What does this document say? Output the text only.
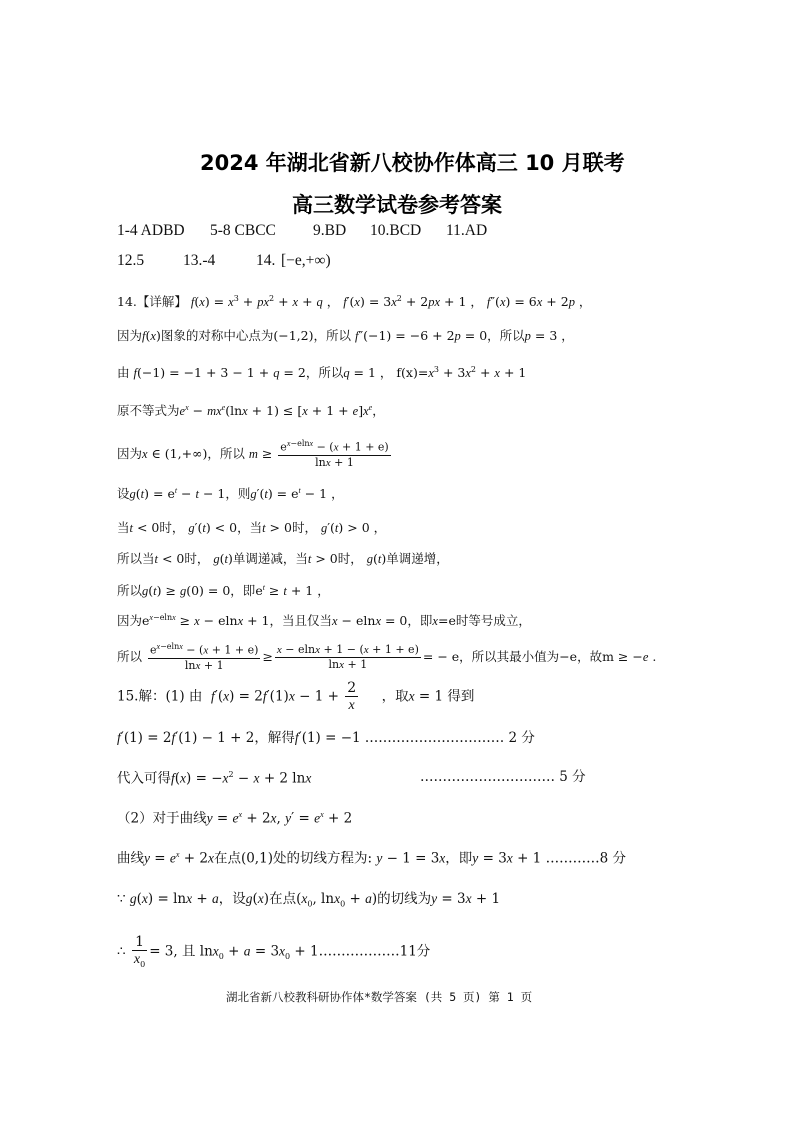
2024 年湖北省新八校协作体高三 10 月联考
高三数学试卷参考答案
1-4 ADBD 5-8 CBCC 9.BD 10.BCD 11.AD
12.5	13.-4	14. [−e,+∞)
14.【详解】 $f(x) = x^3 + px^2 + x + q$ ， $f'(x) = 3x^2 + 2px + 1$ ， f″(x) = 6x + 2p ，
因为f(x)图象的对称中心点为(−1,2)，所以 f″(−1) = −6 + 2p = 0，所以p = 3 ，
由 f(−1) = −1 + 3 − 1 + q = 2，所以q = 1 ， $f(x)=x^3 + 3x^2 + x + 1$
原不等式为$e^x - mx^e(\ln x + 1) \le [x + 1 + e]x^e$，
因为x ∈ (1,+∞)，所以 $m \ge \frac{e^{x-elnx} - (x + 1 + e)}{\ln x + 1}$
设$g(t) = e^t - t - 1$，则$g'(t) = e^t - 1$ ，
当t < 0时， g′(t) < 0，当t > 0时， g′(t) > 0 ，
所以当t < 0时， g(t)单调递减，当t > 0时， g(t)单调递增，
所以g(t) ≥ g(0) = 0，即$e^t \ge t + 1$ ，
因为$e^{x-elnx} \ge x - elnx + 1$，当且仅当x − elnx = 0，即x=e时等号成立，
所以 $\frac{e^{x-elnx} - (x + 1 + e)}{\ln x + 1} \ge \frac{x - elnx + 1 - (x + 1 + e)}{\ln x + 1}$ = − e，所以其最小值为−e，故m ≥ −e .
15.解：(1) 由 $f'(x) = 2f'(1)x - 1 + \frac{2}{x}$ ，取x = 1 得到
f′(1) = 2f′(1) − 1 + 2，解得f′(1) = −1 .………………………… 2 分
代入可得$f(x) = -x^2 - x + 2$ lnx	………………………… 5 分
（2）对于曲线$y = e^x + 2x$, $y' = e^x + 2$
曲线$y = e^x + 2x$在点(0,1)处的切线方程为: y − 1 = 3x，即y = 3x + 1 …………8 分
∵ g(x) = lnx + a，设g(x)在点($x_0$, lnx$_0$ + a)的切线为y = 3x + 1
∴ $\frac{1}{x_0} = 3$, 且 $\ln x_0 + a = 3x_0$ + 1………………11分
湖北省新八校教科研协作体*数学答案 (共 5 页) 第 1 页
